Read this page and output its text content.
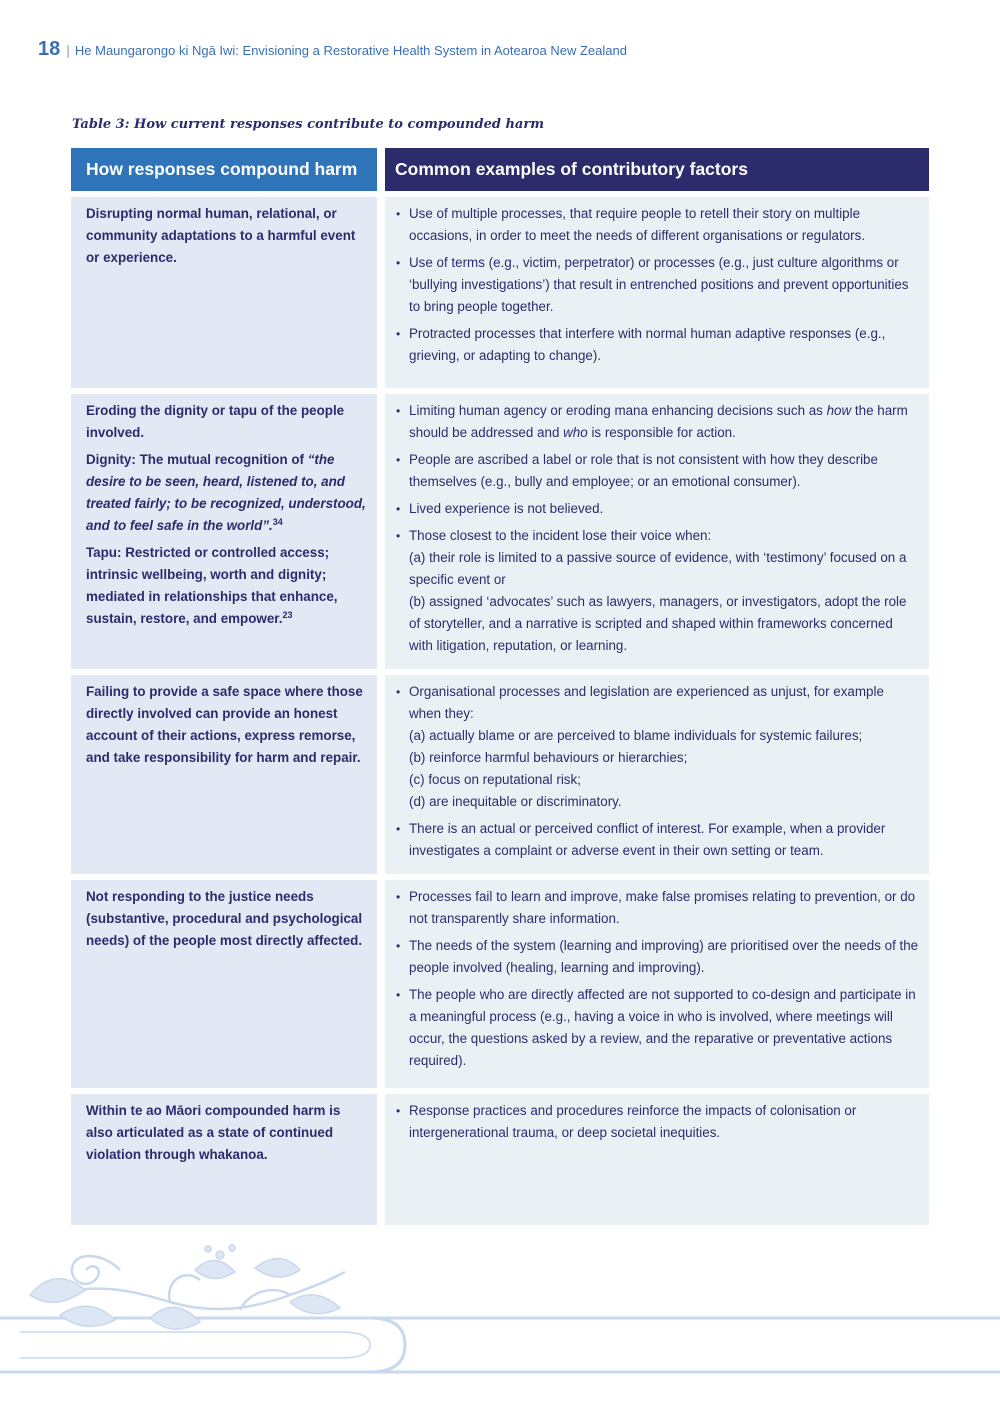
18 | He Maungarongo ki Ngā Iwi: Envisioning a Restorative Health System in Aotearoa New Zealand
Table 3: How current responses contribute to compounded harm
How responses compound harm	Common examples of contributory factors

Disrupting normal human, relational, or community adaptations to a harmful event or experience.

• Use of multiple processes, that require people to retell their story on multiple occasions, in order to meet the needs of different organisations or regulators.
• Use of terms (e.g., victim, perpetrator) or processes (e.g., just culture algorithms or ‘bullying investigations’) that result in entrenched positions and prevent opportunities to bring people together.
• Protracted processes that interfere with normal human adaptive responses (e.g., grieving, or adapting to change).

Eroding the dignity or tapu of the people involved.

Dignity: The mutual recognition of “the desire to be seen, heard, listened to, and treated fairly; to be recognized, understood, and to feel safe in the world”.$^{34}$

Tapu: Restricted or controlled access; intrinsic wellbeing, worth and dignity; mediated in relationships that enhance, sustain, restore, and empower.$^{23}$

• Limiting human agency or eroding mana enhancing decisions such as how the harm should be addressed and who is responsible for action.
• People are ascribed a label or role that is not consistent with how they describe themselves (e.g., bully and employee; or an emotional consumer).
• Lived experience is not believed.
• Those closest to the incident lose their voice when:
(a) their role is limited to a passive source of evidence, with ‘testimony’ focused on a specific event or
(b) assigned ‘advocates’ such as lawyers, managers, or investigators, adopt the role of storyteller, and a narrative is scripted and shaped within frameworks concerned with litigation, reputation, or learning.

Failing to provide a safe space where those directly involved can provide an honest account of their actions, express remorse, and take responsibility for harm and repair.

• Organisational processes and legislation are experienced as unjust, for example when they:
(a) actually blame or are perceived to blame individuals for systemic failures;
(b) reinforce harmful behaviours or hierarchies;
(c) focus on reputational risk;
(d) are inequitable or discriminatory.
• There is an actual or perceived conflict of interest. For example, when a provider investigates a complaint or adverse event in their own setting or team.

Not responding to the justice needs (substantive, procedural and psychological needs) of the people most directly affected.

• Processes fail to learn and improve, make false promises relating to prevention, or do not transparently share information.
• The needs of the system (learning and improving) are prioritised over the needs of the people involved (healing, learning and improving).
• The people who are directly affected are not supported to co-design and participate in a meaningful process (e.g., having a voice in who is involved, where meetings will occur, the questions asked by a review, and the reparative or preventative actions required).

Within te ao Māori compounded harm is also articulated as a state of continued violation through whakanoa.

• Response practices and procedures reinforce the impacts of colonisation or intergenerational trauma, or deep societal inequities.
